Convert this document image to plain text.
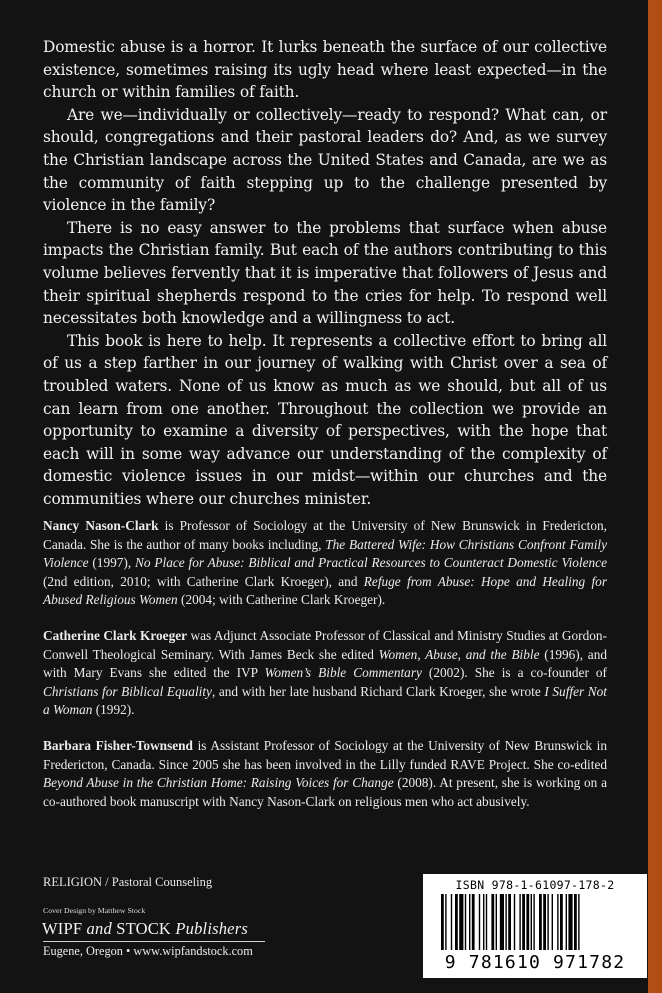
Domestic abuse is a horror. It lurks beneath the surface of our collective existence, sometimes raising its ugly head where least expected—in the church or within families of faith.

Are we—individually or collectively—ready to respond? What can, or should, congregations and their pastoral leaders do? And, as we survey the Christian landscape across the United States and Canada, are we as the community of faith stepping up to the challenge presented by violence in the family?

There is no easy answer to the problems that surface when abuse impacts the Christian family. But each of the authors contributing to this volume believes fervently that it is imperative that followers of Jesus and their spiritual shepherds respond to the cries for help. To respond well necessitates both knowledge and a willingness to act.

This book is here to help. It represents a collective effort to bring all of us a step farther in our journey of walking with Christ over a sea of troubled waters. None of us know as much as we should, but all of us can learn from one another. Throughout the collection we provide an opportunity to examine a diversity of perspectives, with the hope that each will in some way advance our understanding of the complexity of domestic violence issues in our midst—within our churches and the communities where our churches minister.

Nancy Nason-Clark is Professor of Sociology at the University of New Brunswick in Fredericton, Canada. She is the author of many books including, The Battered Wife: How Christians Confront Family Violence (1997), No Place for Abuse: Biblical and Practical Resources to Counteract Domestic Violence (2nd edition, 2010; with Catherine Clark Kroeger), and Refuge from Abuse: Hope and Healing for Abused Religious Women (2004; with Catherine Clark Kroeger).

Catherine Clark Kroeger was Adjunct Associate Professor of Classical and Ministry Studies at Gordon-Conwell Theological Seminary. With James Beck she edited Women, Abuse, and the Bible (1996), and with Mary Evans she edited the IVP Women’s Bible Commentary (2002). She is a co-founder of Christians for Biblical Equality, and with her late husband Richard Clark Kroeger, she wrote I Suffer Not a Woman (1992).

Barbara Fisher-Townsend is Assistant Professor of Sociology at the University of New Brunswick in Fredericton, Canada. Since 2005 she has been involved in the Lilly funded RAVE Project. She co-edited Beyond Abuse in the Christian Home: Raising Voices for Change (2008). At present, she is working on a co-authored book manuscript with Nancy Nason-Clark on religious men who act abusively.

RELIGION / Pastoral Counseling
Cover Design by Matthew Stock
WIPF and STOCK Publishers
Eugene, Oregon • www.wipfandstock.com
ISBN 978-1-61097-178-2
9 781610 971782
